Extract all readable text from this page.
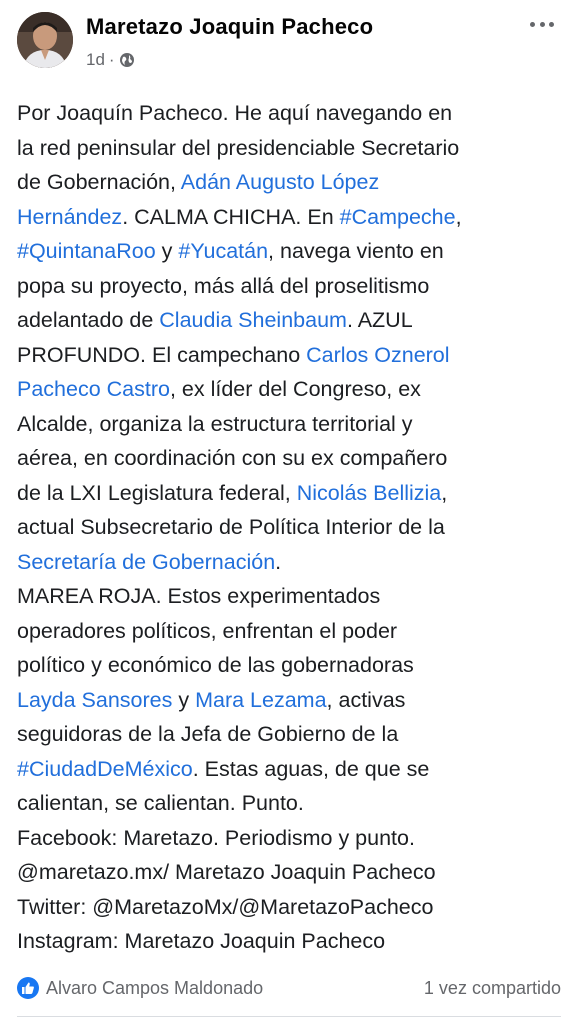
Maretazo Joaquin Pacheco
1d ·
Por Joaquín Pacheco. He aquí navegando en
la red peninsular del presidenciable Secretario
de Gobernación, Adán Augusto López
Hernández. CALMA CHICHA. En #Campeche,
#QuintanaRoo y #Yucatán, navega viento en
popa su proyecto, más allá del proselitismo
adelantado de Claudia Sheinbaum. AZUL
PROFUNDO. El campechano Carlos Oznerol
Pacheco Castro, ex líder del Congreso, ex
Alcalde, organiza la estructura territorial y
aérea, en coordinación con su ex compañero
de la LXI Legislatura federal, Nicolás Bellizia,
actual Subsecretario de Política Interior de la
Secretaría de Gobernación.
MAREA ROJA. Estos experimentados
operadores políticos, enfrentan el poder
político y económico de las gobernadoras
Layda Sansores y Mara Lezama, activas
seguidoras de la Jefa de Gobierno de la
#CiudadDeMéxico. Estas aguas, de que se
calientan, se calientan. Punto.
Facebook: Maretazo. Periodismo y punto.
@maretazo.mx/ Maretazo Joaquin Pacheco
Twitter: @MaretazoMx/@MaretazoPacheco
Instagram: Maretazo Joaquin Pacheco
Alvaro Campos Maldonado	1 vez compartido
